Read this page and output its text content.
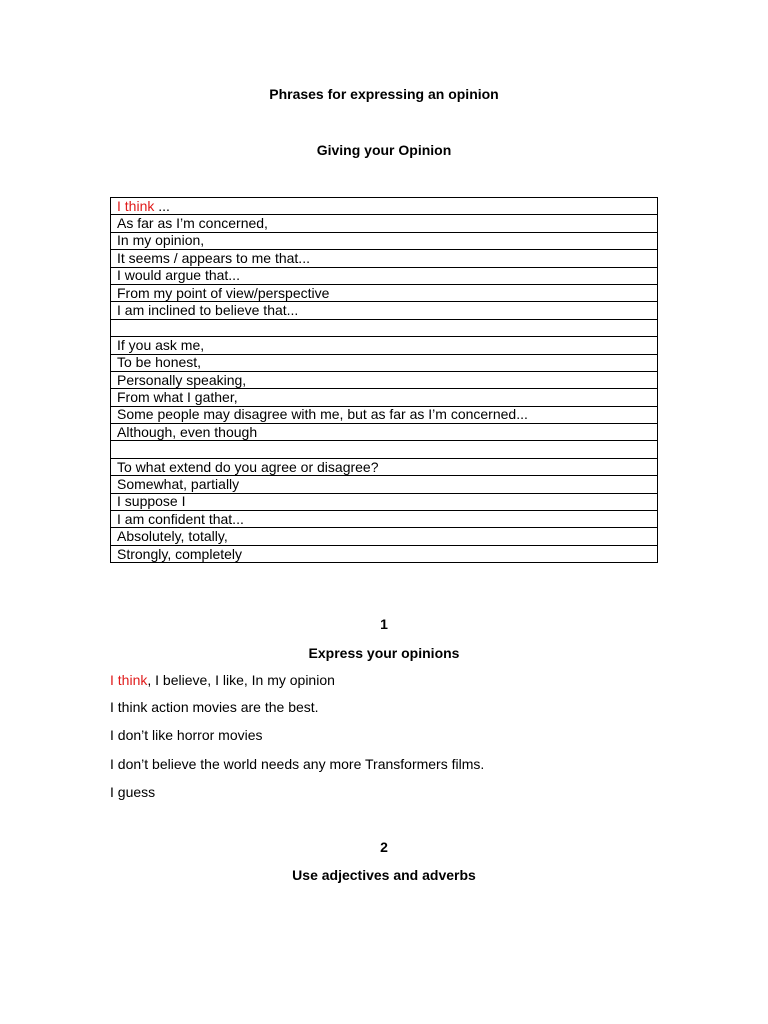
Phrases for expressing an opinion
Giving your Opinion
I think ...
As far as I’m concerned,
In my opinion,
It seems / appears to me that...
I would argue that...
From my point of view/perspective
I am inclined to believe that...

If you ask me,
To be honest,
Personally speaking,
From what I gather,
Some people may disagree with me, but as far as I’m concerned...
Although, even though

To what extend do you agree or disagree?
Somewhat, partially
I suppose I
I am confident that...
Absolutely, totally,
Strongly, completely
1
Express your opinions

I think, I believe, I like, In my opinion

I think action movies are the best.

I don’t like horror movies

I don’t believe the world needs any more Transformers films.

I guess

2
Use adjectives and adverbs
